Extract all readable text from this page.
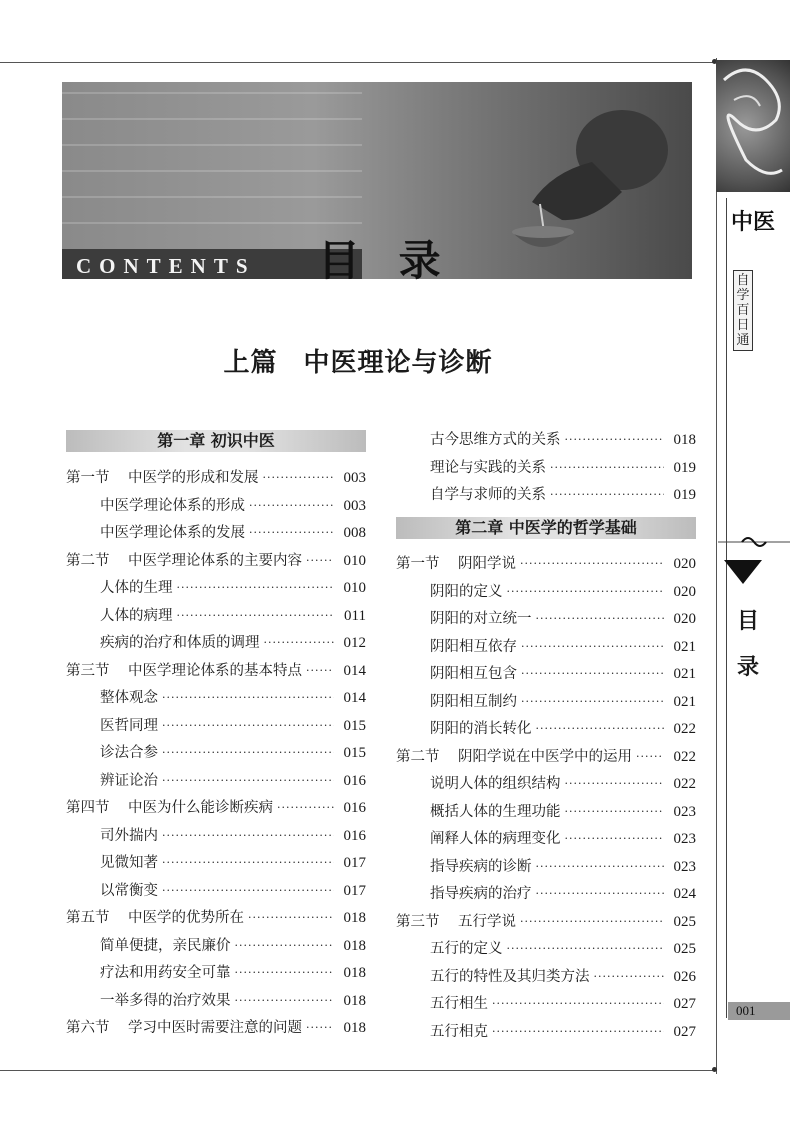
CONTENTS 目 录
中医
自学百日通
目
录
001
上篇 中医理论与诊断
第一章 初识中医
第一节	中医学的形成和发展 ·····	003
中医学理论体系的形成 ·····	003
中医学理论体系的发展 ·····	008
第二节	中医学理论体系的主要内容 ·····	010
人体的生理 ·····	010
人体的病理 ·····	011
疾病的治疗和体质的调理 ·····	012
第三节	中医学理论体系的基本特点 ·····	014
整体观念 ·····	014
医哲同理 ·····	015
诊法合参 ·····	015
辨证论治 ·····	016
第四节	中医为什么能诊断疾病 ·····	016
司外揣内 ·····	016
见微知著 ·····	017
以常衡变 ·····	017
第五节	中医学的优势所在 ·····	018
简单便捷，亲民廉价 ·····	018
疗法和用药安全可靠 ·····	018
一举多得的治疗效果 ·····	018
第六节	学习中医时需要注意的问题 ·····	018
古今思维方式的关系 ·····	018
理论与实践的关系 ·····	019
自学与求师的关系 ·····	019
第二章 中医学的哲学基础
第一节	阴阳学说 ·····	020
阴阳的定义 ·····	020
阴阳的对立统一 ·····	020
阴阳相互依存 ·····	021
阴阳相互包含 ·····	021
阴阳相互制约 ·····	021
阴阳的消长转化 ·····	022
第二节	阴阳学说在中医学中的运用 ·····	022
说明人体的组织结构 ·····	022
概括人体的生理功能 ·····	023
阐释人体的病理变化 ·····	023
指导疾病的诊断 ·····	023
指导疾病的治疗 ·····	024
第三节	五行学说 ·····	025
五行的定义 ·····	025
五行的特性及其归类方法 ·····	026
五行相生 ·····	027
五行相克 ·····	027
